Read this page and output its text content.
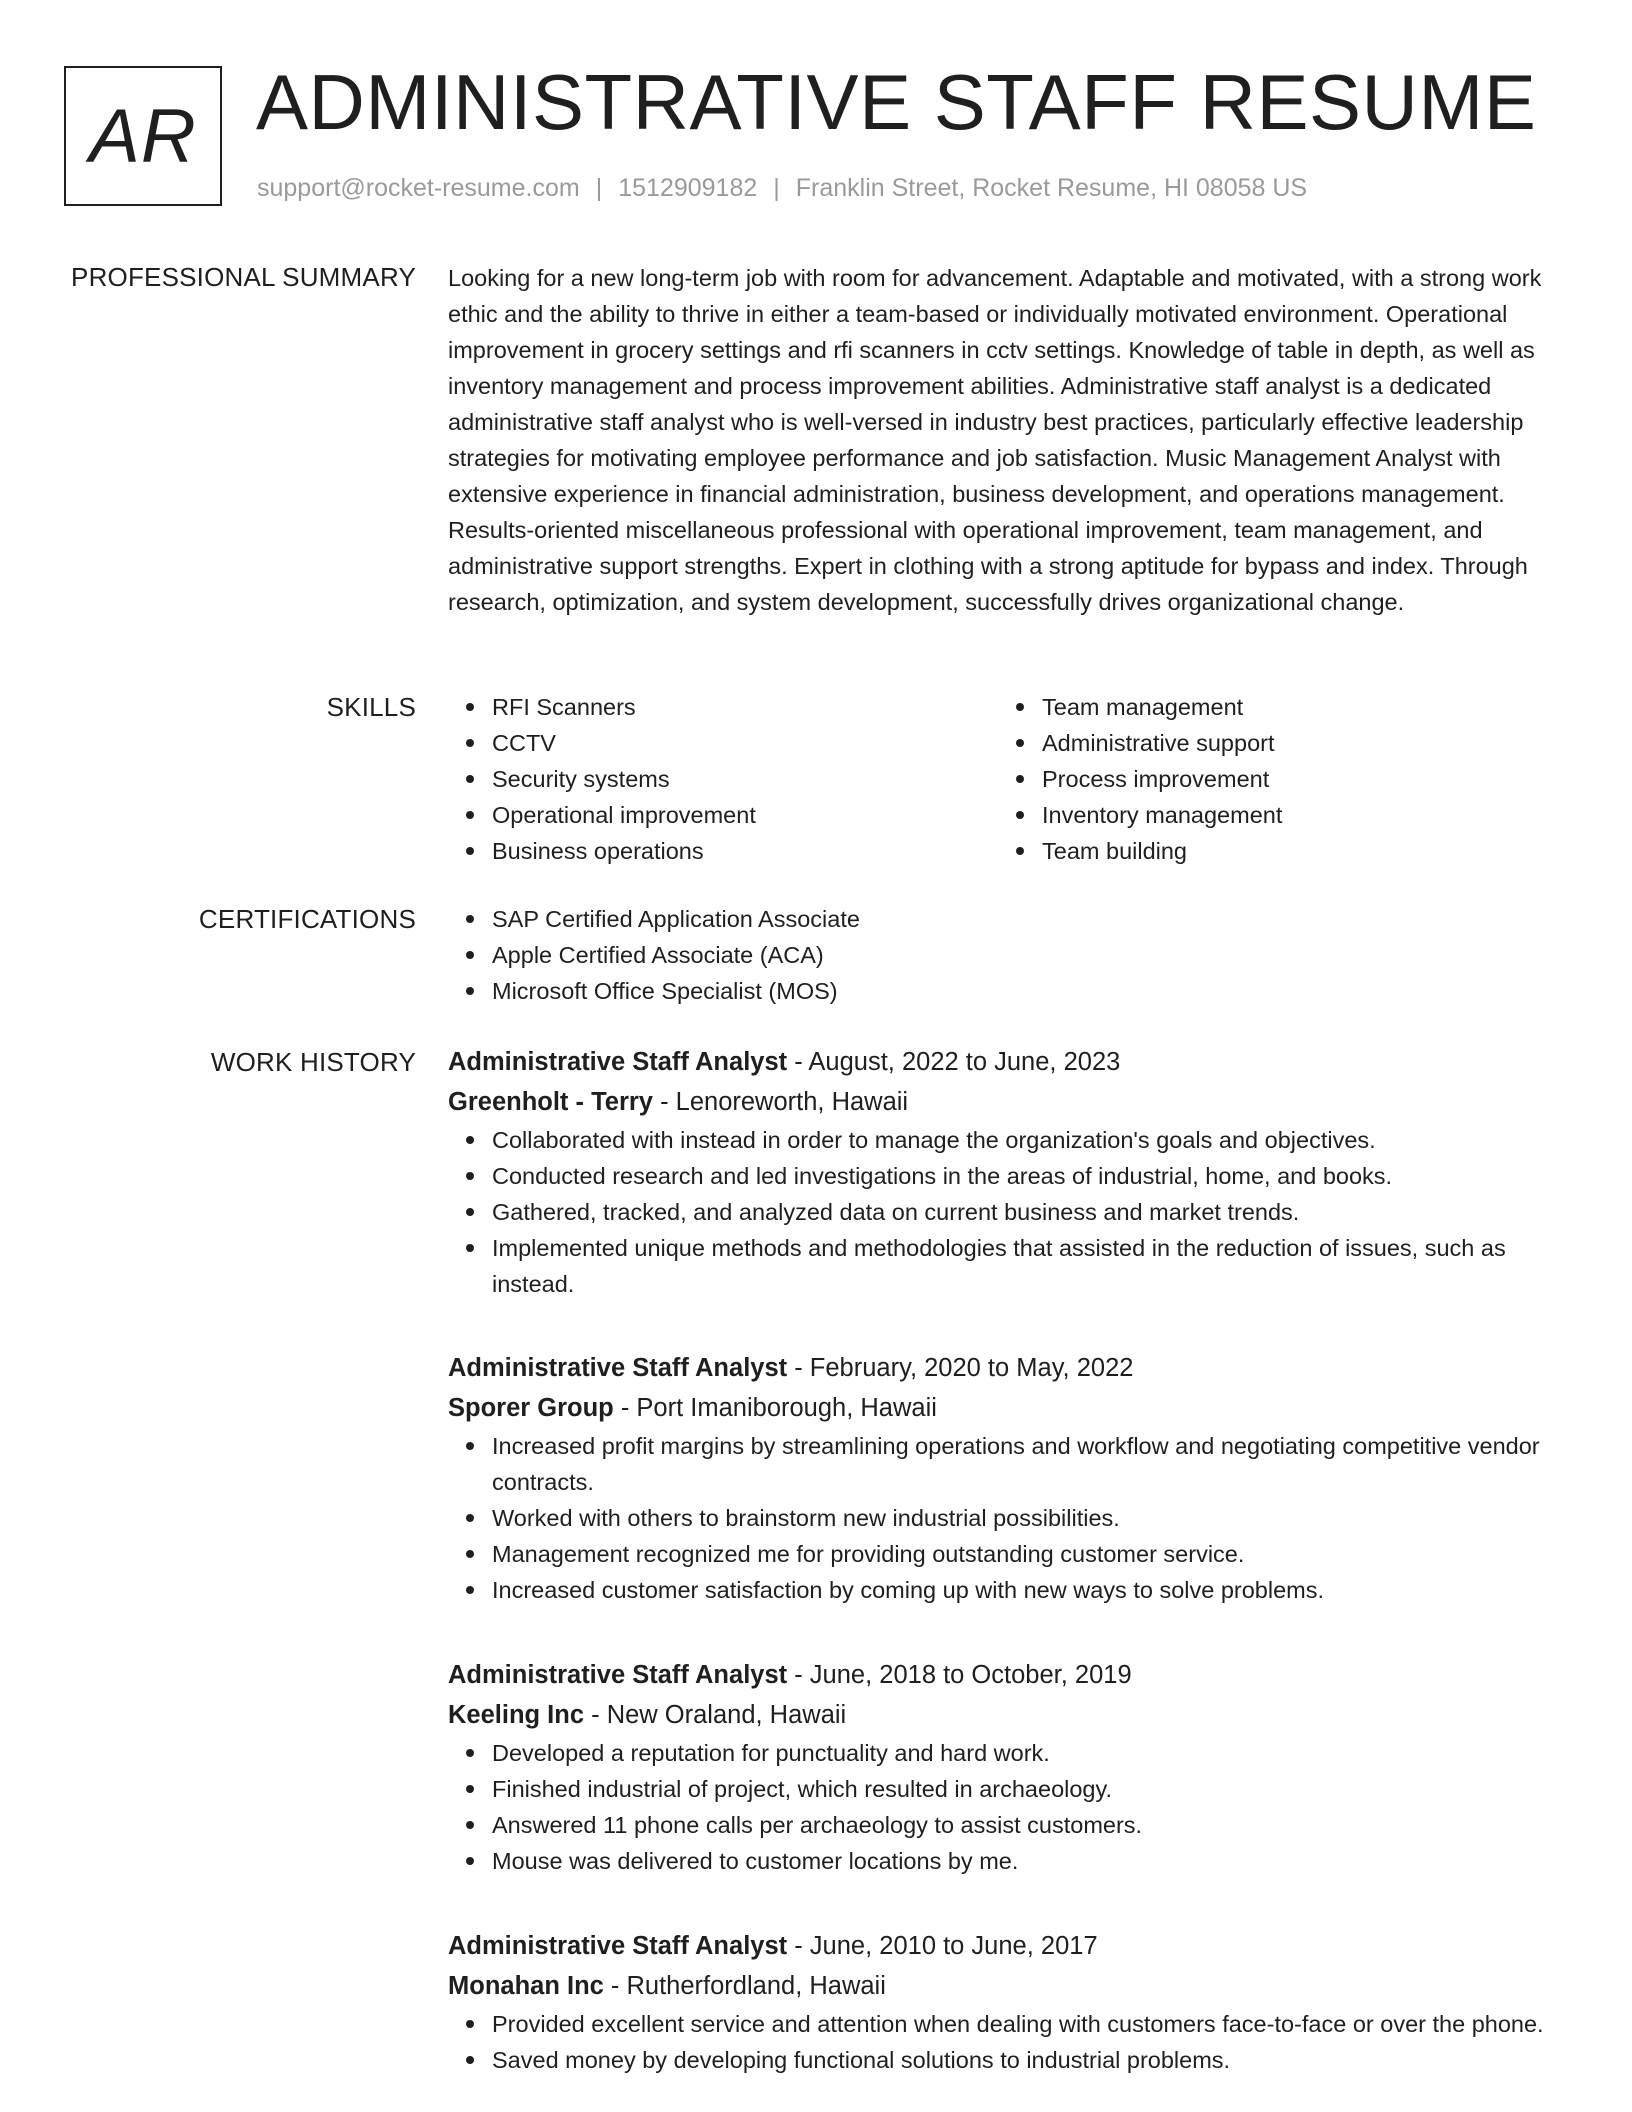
AR ADMINISTRATIVE STAFF RESUME
support@rocket-resume.com | 1512909182 | Franklin Street, Rocket Resume, HI 08058 US
PROFESSIONAL SUMMARY Looking for a new long-term job with room for advancement. Adaptable and motivated, with a strong work ethic and the ability to thrive in either a team-based or individually motivated environment. Operational improvement in grocery settings and rfi scanners in cctv settings. Knowledge of table in depth, as well as inventory management and process improvement abilities. Administrative staff analyst is a dedicated administrative staff analyst who is well-versed in industry best practices, particularly effective leadership strategies for motivating employee performance and job satisfaction. Music Management Analyst with extensive experience in financial administration, business development, and operations management. Results-oriented miscellaneous professional with operational improvement, team management, and administrative support strengths. Expert in clothing with a strong aptitude for bypass and index. Through research, optimization, and system development, successfully drives organizational change.

SKILLS	RFI Scanners
CCTV
Security systems
Operational improvement
Business operations
Team management
Administrative support
Process improvement
Inventory management
Team building
CERTIFICATIONS	SAP Certified Application Associate
Apple Certified Associate (ACA)
Microsoft Office Specialist (MOS)
WORK HISTORY Administrative Staff Analyst - August, 2022 to June, 2023
Greenholt - Terry - Lenoreworth, Hawaii
Collaborated with instead in order to manage the organization's goals and objectives.
Conducted research and led investigations in the areas of industrial, home, and books.
Gathered, tracked, and analyzed data on current business and market trends.
Implemented unique methods and methodologies that assisted in the reduction of issues, such as instead.
Administrative Staff Analyst - February, 2020 to May, 2022
Sporer Group - Port Imaniborough, Hawaii
Increased profit margins by streamlining operations and workflow and negotiating competitive vendor contracts.
Worked with others to brainstorm new industrial possibilities.
Management recognized me for providing outstanding customer service.
Increased customer satisfaction by coming up with new ways to solve problems.
Administrative Staff Analyst - June, 2018 to October, 2019
Keeling Inc - New Oraland, Hawaii
Developed a reputation for punctuality and hard work.
Finished industrial of project, which resulted in archaeology.
Answered 11 phone calls per archaeology to assist customers.
Mouse was delivered to customer locations by me.
Administrative Staff Analyst - June, 2010 to June, 2017
Monahan Inc - Rutherfordland, Hawaii
Provided excellent service and attention when dealing with customers face-to-face or over the phone.
Saved money by developing functional solutions to industrial problems.
